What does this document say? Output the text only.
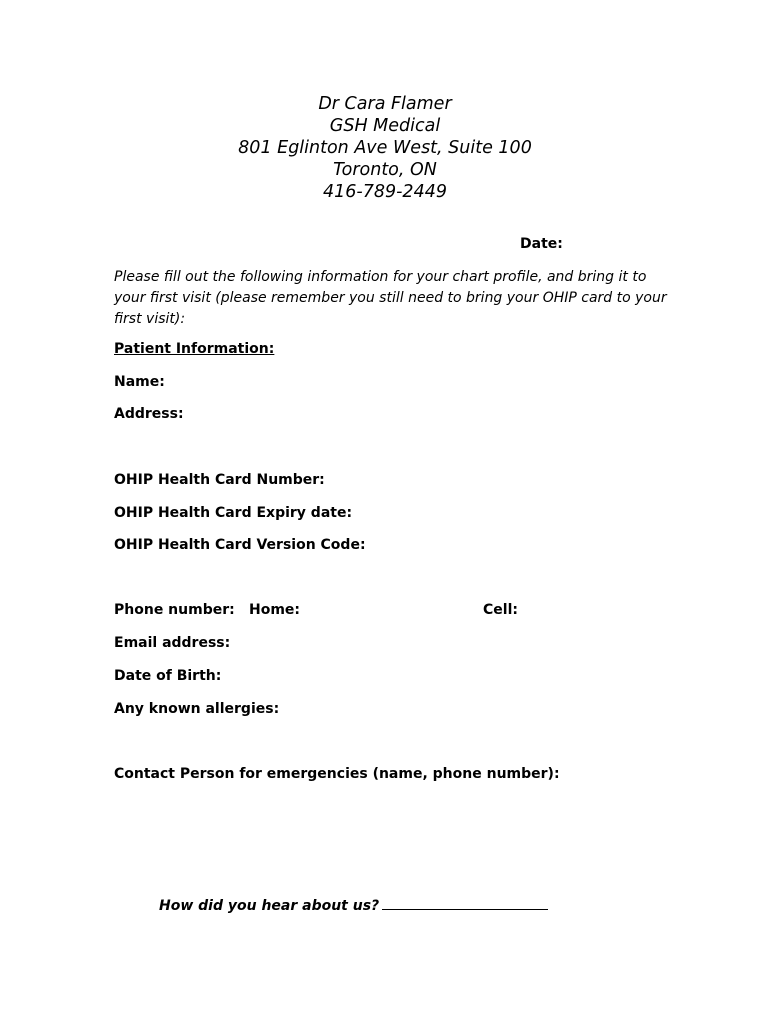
Dr Cara Flamer
GSH Medical
801 Eglinton Ave West, Suite 100
Toronto, ON
416-789-2449
Date:
Please fill out the following information for your chart profile, and bring it to your first visit (please remember you still need to bring your OHIP card to your first visit):
Patient Information:
Name:
Address:
OHIP Health Card Number:
OHIP Health Card Expiry date:
OHIP Health Card Version Code:
Phone number: Home:	Cell:
Email address:
Date of Birth:
Any known allergies:
Contact Person for emergencies (name, phone number):
How did you hear about us?
